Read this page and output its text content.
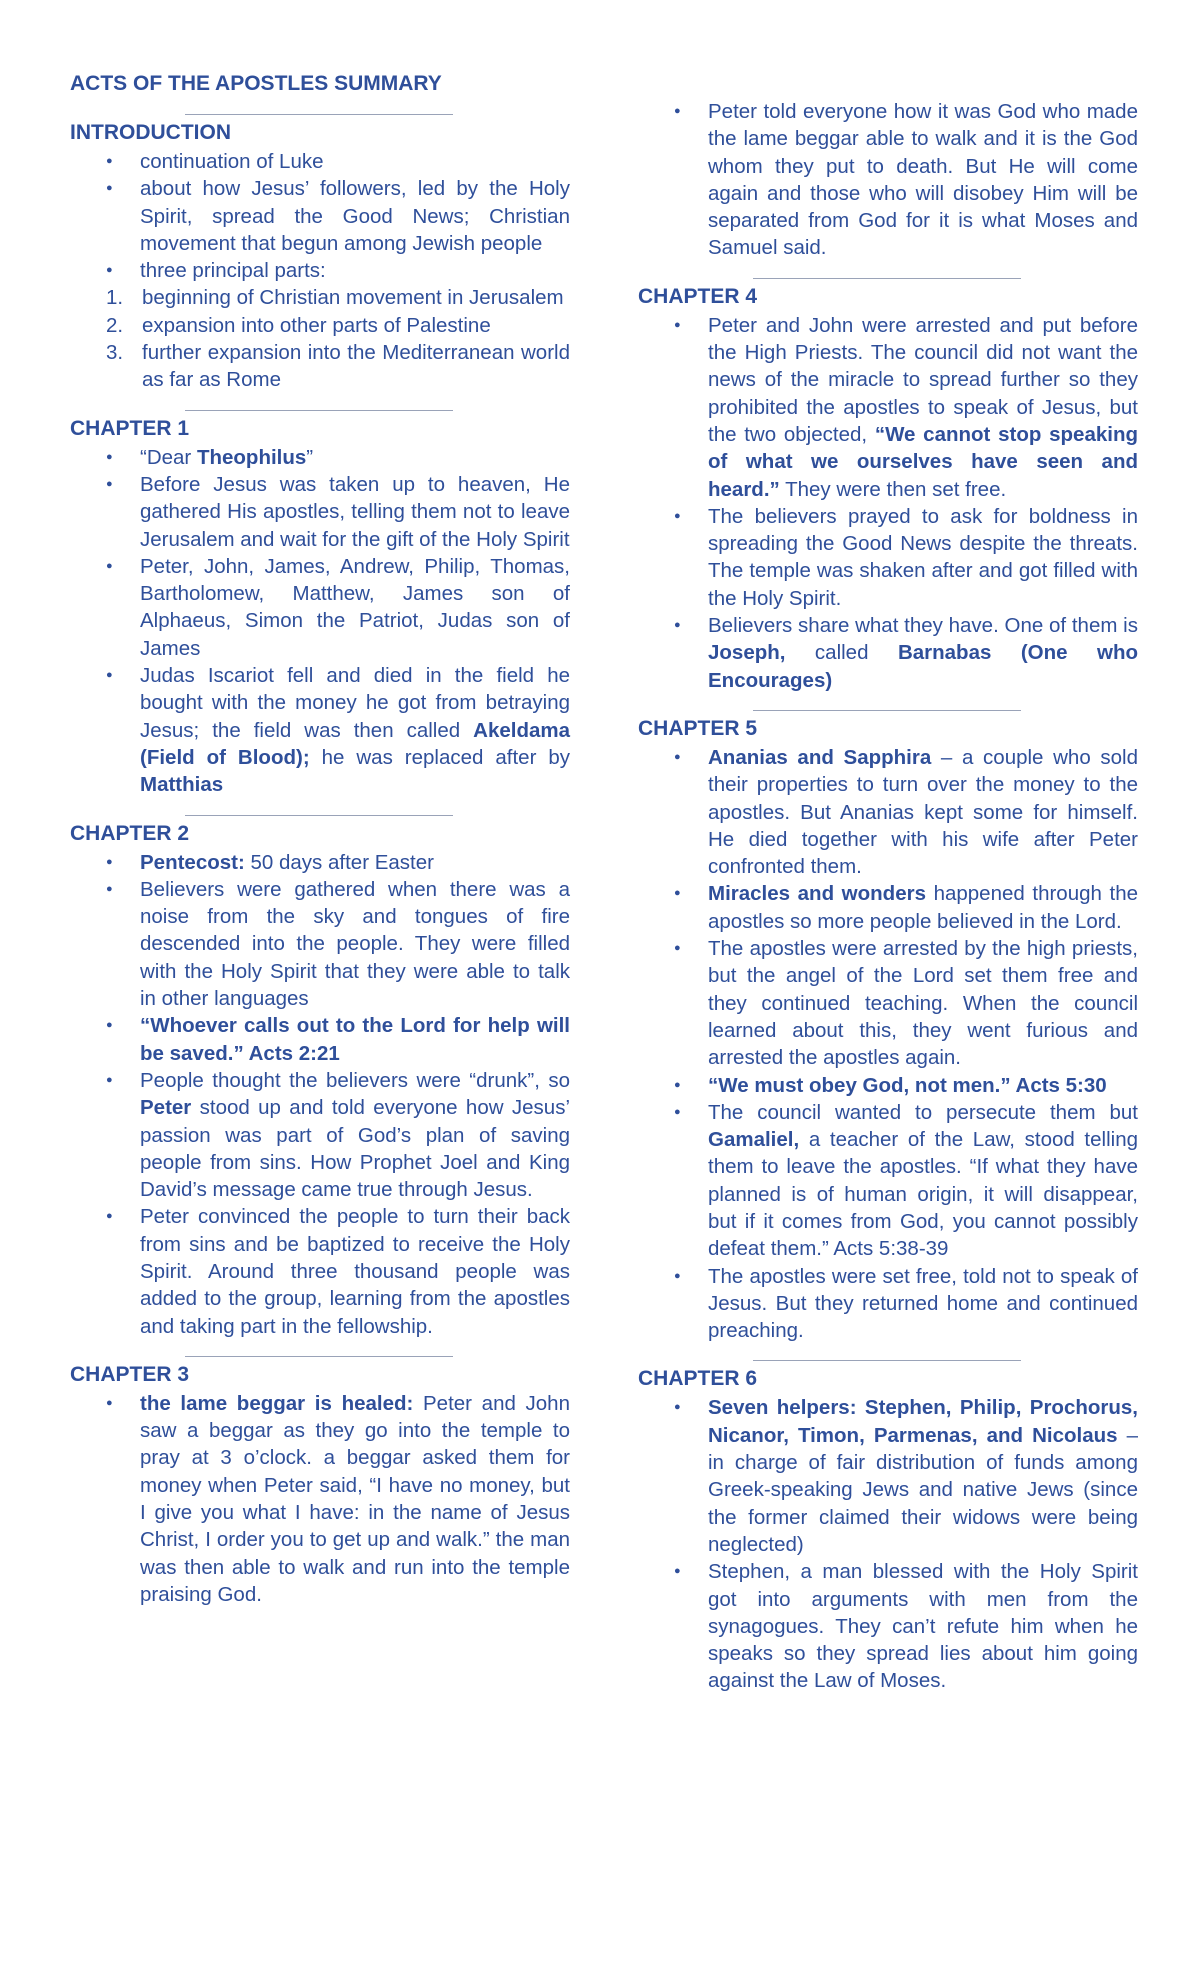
ACTS OF THE APOSTLES SUMMARY
INTRODUCTION
● continuation of Luke
● about how Jesus’ followers, led by the Holy Spirit, spread the Good News; Christian movement that begun among Jewish people
● three principal parts:
1. beginning of Christian movement in Jerusalem
2. expansion into other parts of Palestine
3. further expansion into the Mediterranean world as far as Rome
CHAPTER 1
● “Dear Theophilus”
● Before Jesus was taken up to heaven, He gathered His apostles, telling them not to leave Jerusalem and wait for the gift of the Holy Spirit
● Peter, John, James, Andrew, Philip, Thomas, Bartholomew, Matthew, James son of Alphaeus, Simon the Patriot, Judas son of James
● Judas Iscariot fell and died in the field he bought with the money he got from betraying Jesus; the field was then called Akeldama (Field of Blood); he was replaced after by Matthias
CHAPTER 2
● Pentecost: 50 days after Easter
● Believers were gathered when there was a noise from the sky and tongues of fire descended into the people. They were filled with the Holy Spirit that they were able to talk in other languages
● “Whoever calls out to the Lord for help will be saved.” Acts 2:21
● People thought the believers were “drunk”, so Peter stood up and told everyone how Jesus’ passion was part of God’s plan of saving people from sins. How Prophet Joel and King David’s message came true through Jesus.
● Peter convinced the people to turn their back from sins and be baptized to receive the Holy Spirit. Around three thousand people was added to the group, learning from the apostles and taking part in the fellowship.
CHAPTER 3
● the lame beggar is healed: Peter and John saw a beggar as they go into the temple to pray at 3 o’clock. a beggar asked them for money when Peter said, “I have no money, but I give you what I have: in the name of Jesus Christ, I order you to get up and walk.” the man was then able to walk and run into the temple praising God.
● Peter told everyone how it was God who made the lame beggar able to walk and it is the God whom they put to death. But He will come again and those who will disobey Him will be separated from God for it is what Moses and Samuel said.
CHAPTER 4
● Peter and John were arrested and put before the High Priests. The council did not want the news of the miracle to spread further so they prohibited the apostles to speak of Jesus, but the two objected, “We cannot stop speaking of what we ourselves have seen and heard.” They were then set free.
● The believers prayed to ask for boldness in spreading the Good News despite the threats. The temple was shaken after and got filled with the Holy Spirit.
● Believers share what they have. One of them is Joseph, called Barnabas (One who Encourages)
CHAPTER 5
● Ananias and Sapphira – a couple who sold their properties to turn over the money to the apostles. But Ananias kept some for himself. He died together with his wife after Peter confronted them.
● Miracles and wonders happened through the apostles so more people believed in the Lord.
● The apostles were arrested by the high priests, but the angel of the Lord set them free and they continued teaching. When the council learned about this, they went furious and arrested the apostles again.
● “We must obey God, not men.” Acts 5:30
● The council wanted to persecute them but Gamaliel, a teacher of the Law, stood telling them to leave the apostles. “If what they have planned is of human origin, it will disappear, but if it comes from God, you cannot possibly defeat them.” Acts 5:38-39
● The apostles were set free, told not to speak of Jesus. But they returned home and continued preaching.
CHAPTER 6
● Seven helpers: Stephen, Philip, Prochorus, Nicanor, Timon, Parmenas, and Nicolaus – in charge of fair distribution of funds among Greek-speaking Jews and native Jews (since the former claimed their widows were being neglected)
● Stephen, a man blessed with the Holy Spirit got into arguments with men from the synagogues. They can’t refute him when he speaks so they spread lies about him going against the Law of Moses.
